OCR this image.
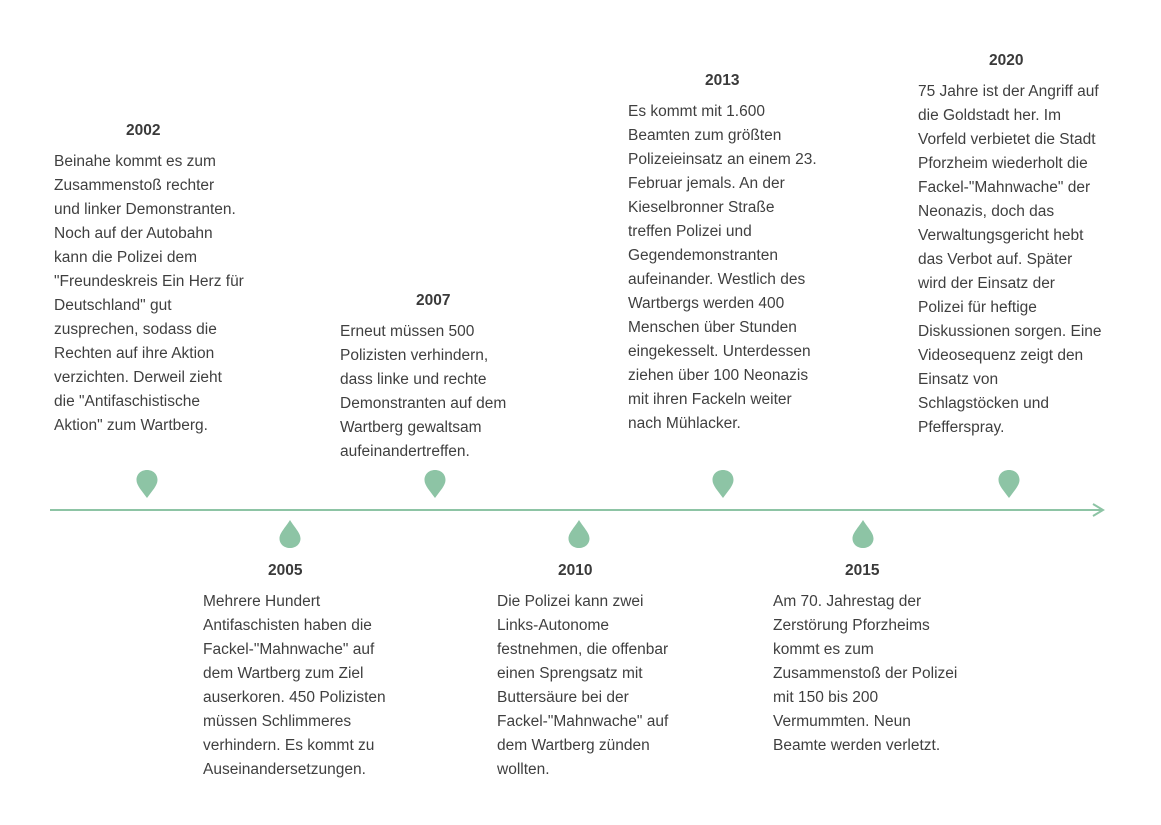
2002
Beinahe kommt es zum Zusammenstoß rechter und linker Demonstranten. Noch auf der Autobahn kann die Polizei dem "Freundeskreis Ein Herz für Deutschland" gut zusprechen, sodass die Rechten auf ihre Aktion verzichten. Derweil zieht die "Antifaschistische Aktion" zum Wartberg.
2007
Erneut müssen 500 Polizisten verhindern, dass linke und rechte Demonstranten auf dem Wartberg gewaltsam aufeinandertreffen.
2013
Es kommt mit 1.600 Beamten zum größten Polizeieinsatz an einem 23. Februar jemals. An der Kieselbronner Straße treffen Polizei und Gegendemonstranten aufeinander. Westlich des Wartbergs werden 400 Menschen über Stunden eingekesselt. Unterdessen ziehen über 100 Neonazis mit ihren Fackeln weiter nach Mühlacker.
2020
75 Jahre ist der Angriff auf die Goldstadt her. Im Vorfeld verbietet die Stadt Pforzheim wiederholt die Fackel-"Mahnwache" der Neonazis, doch das Verwaltungsgericht hebt das Verbot auf. Später wird der Einsatz der Polizei für heftige Diskussionen sorgen. Eine Videosequenz zeigt den Einsatz von Schlagstöcken und Pfefferspray.
2005
Mehrere Hundert Antifaschisten haben die Fackel-"Mahnwache" auf dem Wartberg zum Ziel auserkoren. 450 Polizisten müssen Schlimmeres verhindern. Es kommt zu Auseinandersetzungen.
2010
Die Polizei kann zwei Links-Autonome festnehmen, die offenbar einen Sprengsatz mit Buttersäure bei der Fackel-"Mahnwache" auf dem Wartberg zünden wollten.
2015
Am 70. Jahrestag der Zerstörung Pforzheims kommt es zum Zusammenstoß der Polizei mit 150 bis 200 Vermummten. Neun Beamte werden verletzt.
